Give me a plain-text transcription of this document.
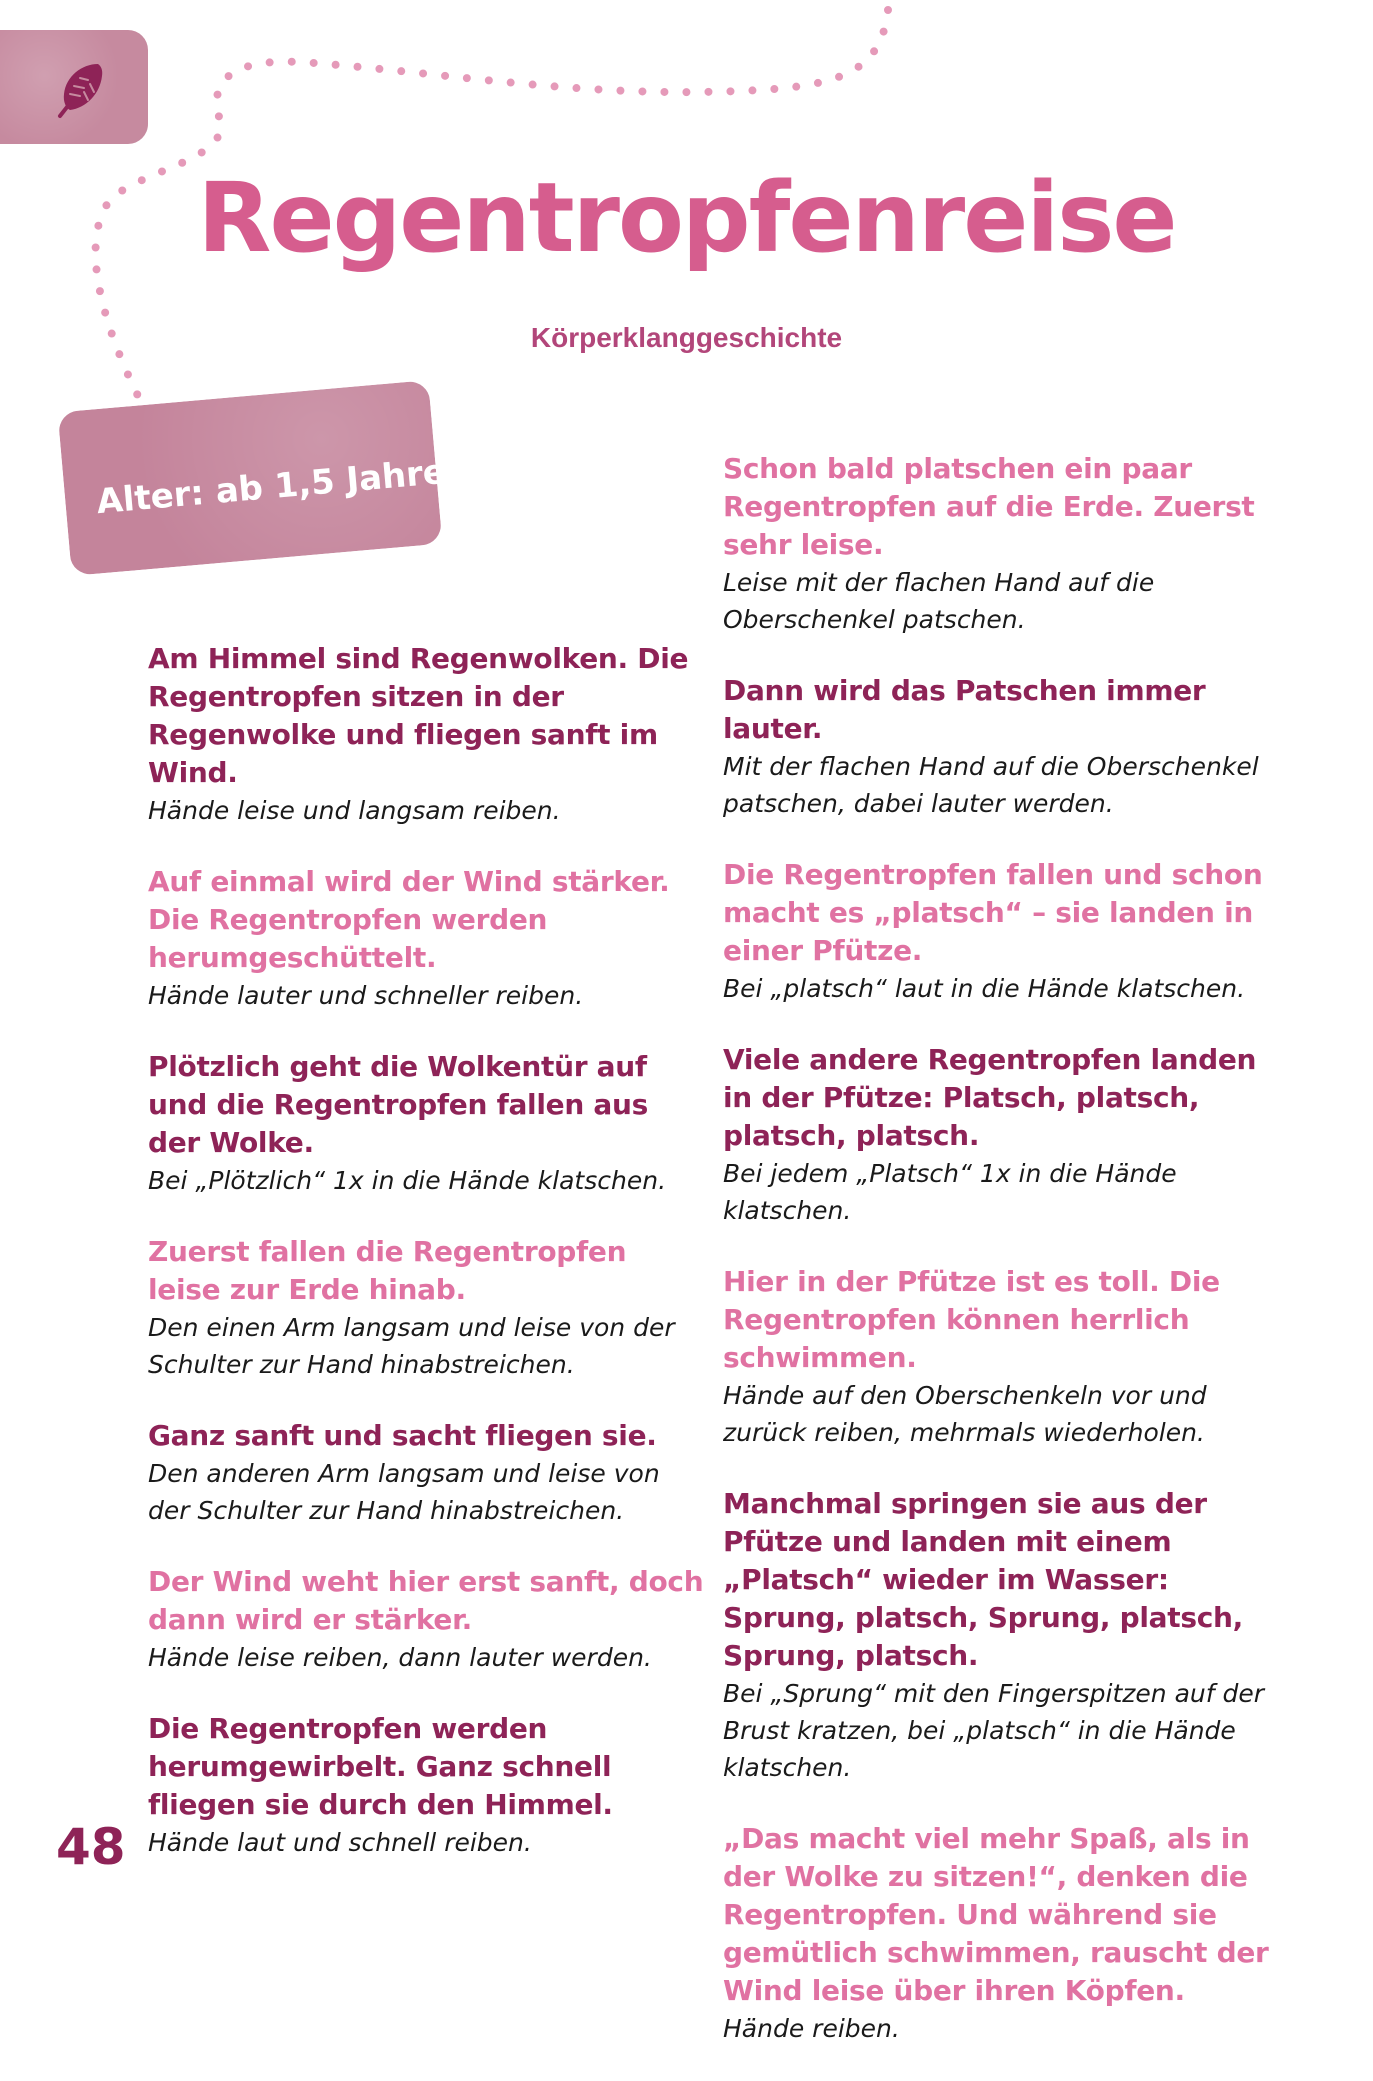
Regentropfenreise

Körperklanggeschichte

Alter: ab 1,5 Jahren

Am Himmel sind Regenwolken. Die Regentropfen sitzen in der Regenwolke und fliegen sanft im Wind.

Hände leise und langsam reiben.

Auf einmal wird der Wind stärker. Die Regentropfen werden herumgeschüttelt.

Hände lauter und schneller reiben.

Plötzlich geht die Wolkentür auf und die Regentropfen fallen aus der Wolke.

Bei „Plötzlich“ 1x in die Hände klatschen.

Zuerst fallen die Regentropfen leise zur Erde hinab.

Den einen Arm langsam und leise von der Schulter zur Hand hinabstreichen.

Ganz sanft und sacht fliegen sie.

Den anderen Arm langsam und leise von der Schulter zur Hand hinabstreichen.

Der Wind weht hier erst sanft, doch dann wird er stärker.

Hände leise reiben, dann lauter werden.

Die Regentropfen werden herumgewirbelt. Ganz schnell fliegen sie durch den Himmel.

Hände laut und schnell reiben.

Schon bald platschen ein paar Regentropfen auf die Erde. Zuerst sehr leise.

Leise mit der flachen Hand auf die Oberschenkel patschen.

Dann wird das Patschen immer lauter.

Mit der flachen Hand auf die Oberschenkel patschen, dabei lauter werden.

Die Regentropfen fallen und schon macht es „platsch“ – sie landen in einer Pfütze.

Bei „platsch“ laut in die Hände klatschen.

Viele andere Regentropfen landen in der Pfütze: Platsch, platsch, platsch, platsch.

Bei jedem „Platsch“ 1x in die Hände klatschen.

Hier in der Pfütze ist es toll. Die Regentropfen können herrlich schwimmen.

Hände auf den Oberschenkeln vor und zurück reiben, mehrmals wiederholen.

Manchmal springen sie aus der Pfütze und landen mit einem „Platsch“ wieder im Wasser: Sprung, platsch, Sprung, platsch, Sprung, platsch.

Bei „Sprung“ mit den Fingerspitzen auf der Brust kratzen, bei „platsch“ in die Hände klatschen.

„Das macht viel mehr Spaß, als in der Wolke zu sitzen!“, denken die Regentropfen. Und während sie gemütlich schwimmen, rauscht der Wind leise über ihren Köpfen.

Hände reiben.

48
